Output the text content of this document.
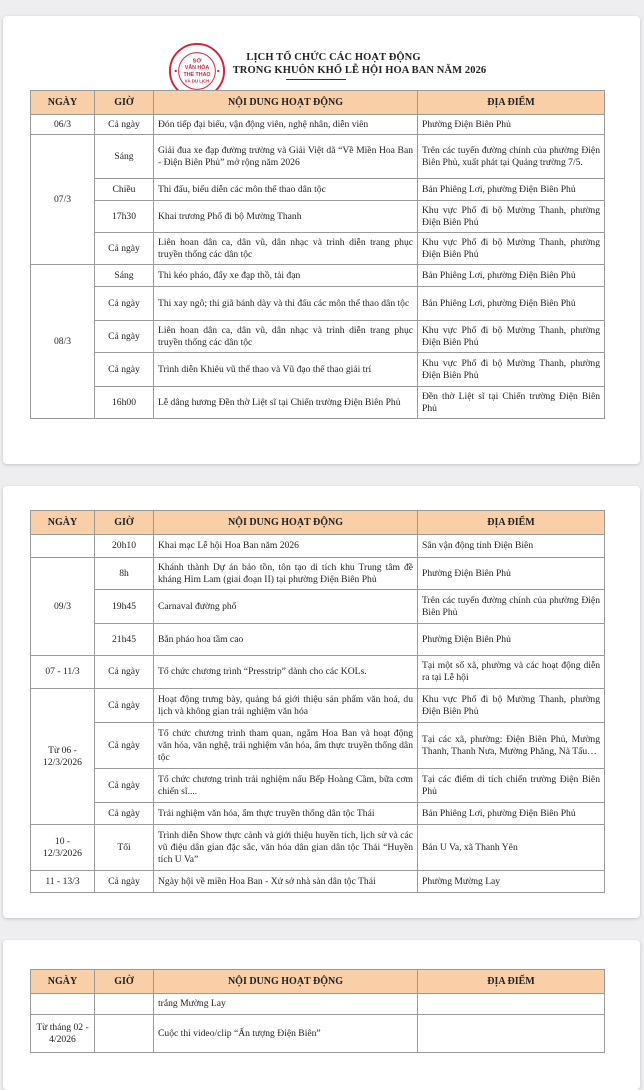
SỞ
VĂN HÓA
THỂ THAO
VÀ DU LỊCH
LỊCH TỔ CHỨC CÁC HOẠT ĐỘNG
TRONG KHUÔN KHỔ LỄ HỘI HOA BAN NĂM 2026
NGÀY	GIỜ	NỘI DUNG HOẠT ĐỘNG	ĐỊA ĐIỂM
06/3	Cả ngày	Đón tiếp đại biểu, vận động viên, nghệ nhân, diễn viên	Phường Điện Biên Phủ
07/3	Sáng	Giải đua xe đạp đường trường và Giải Việt dã “Về Miền Hoa Ban - Điện Biên Phủ” mở rộng năm 2026	Trên các tuyến đường chính của phường Điện Biên Phủ, xuất phát tại Quảng trường 7/5.
	Chiều	Thi đấu, biểu diễn các môn thể thao dân tộc	Bản Phiêng Lơi, phường Điện Biên Phủ
	17h30	Khai trương Phố đi bộ Mường Thanh	Khu vực Phố đi bộ Mường Thanh, phường Điện Biên Phủ
	Cả ngày	Liên hoan dân ca, dân vũ, dân nhạc và trình diễn trang phục truyền thống các dân tộc	Khu vực Phố đi bộ Mường Thanh, phường Điện Biên Phủ
08/3	Sáng	Thi kéo pháo, đẩy xe đạp thồ, tải đạn	Bản Phiêng Lơi, phường Điện Biên Phủ
	Cả ngày	Thi xay ngô; thi giã bánh dày và thi đấu các môn thể thao dân tộc	Bản Phiêng Lơi, phường Điện Biên Phủ
	Cả ngày	Liên hoan dân ca, dân vũ, dân nhạc và trình diễn trang phục truyền thống các dân tộc	Khu vực Phố đi bộ Mường Thanh, phường Điện Biên Phủ
	Cả ngày	Trình diễn Khiêu vũ thể thao và Vũ đạo thể thao giải trí	Khu vực Phố đi bộ Mường Thanh, phường Điện Biên Phủ
	16h00	Lễ dâng hương Đền thờ Liệt sĩ tại Chiến trường Điện Biên Phủ	Đền thờ Liệt sĩ tại Chiến trường Điện Biên Phủ
NGÀY	GIỜ	NỘI DUNG HOẠT ĐỘNG	ĐỊA ĐIỂM
	20h10	Khai mạc Lễ hội Hoa Ban năm 2026	Sân vận động tỉnh Điện Biên
09/3	8h	Khánh thành Dự án bảo tồn, tôn tạo di tích khu Trung tâm đề kháng Him Lam (giai đoạn II) tại phường Điện Biên Phủ	Phường Điện Biên Phủ
	19h45	Carnaval đường phố	Trên các tuyến đường chính của phường Điện Biên Phủ
	21h45	Bắn pháo hoa tầm cao	Phường Điện Biên Phủ
07 - 11/3	Cả ngày	Tổ chức chương trình “Presstrip” dành cho các KOLs.	Tại một số xã, phường và các hoạt động diễn ra tại Lễ hội
Từ 06 - 12/3/2026	Cả ngày	Hoạt động trưng bày, quảng bá giới thiệu sản phẩm văn hoá, du lịch và không gian trải nghiệm văn hóa	Khu vực Phố đi bộ Mường Thanh, phường Điện Biên Phủ
	Cả ngày	Tổ chức chương trình tham quan, ngắm Hoa Ban và hoạt động văn hóa, văn nghệ, trải nghiệm văn hóa, ẩm thực truyền thống dân tộc	Tại các xã, phường: Điện Biên Phủ, Mường Thanh, Thanh Nưa, Mường Phăng, Nà Tấu…
	Cả ngày	Tổ chức chương trình trải nghiệm nấu Bếp Hoàng Cầm, bữa cơm chiến sĩ....	Tại các điểm di tích chiến trường Điện Biên Phủ
	Cả ngày	Trải nghiệm văn hóa, ẩm thực truyền thống dân tộc Thái	Bản Phiêng Lơi, phường Điện Biên Phủ
10 - 12/3/2026	Tối	Trình diễn Show thực cảnh và giới thiệu huyền tích, lịch sử và các vũ điệu dân gian đặc sắc, văn hóa dân gian dân tộc Thái “Huyền tích U Va”	Bản U Va, xã Thanh Yên
11 - 13/3	Cả ngày	Ngày hội về miền Hoa Ban - Xứ sở nhà sàn dân tộc Thái	Phường Mường Lay
NGÀY	GIỜ	NỘI DUNG HOẠT ĐỘNG	ĐỊA ĐIỂM
		trắng Mường Lay	
Từ tháng 02 - 4/2026		Cuộc thi video/clip “Ấn tượng Điện Biên”	
